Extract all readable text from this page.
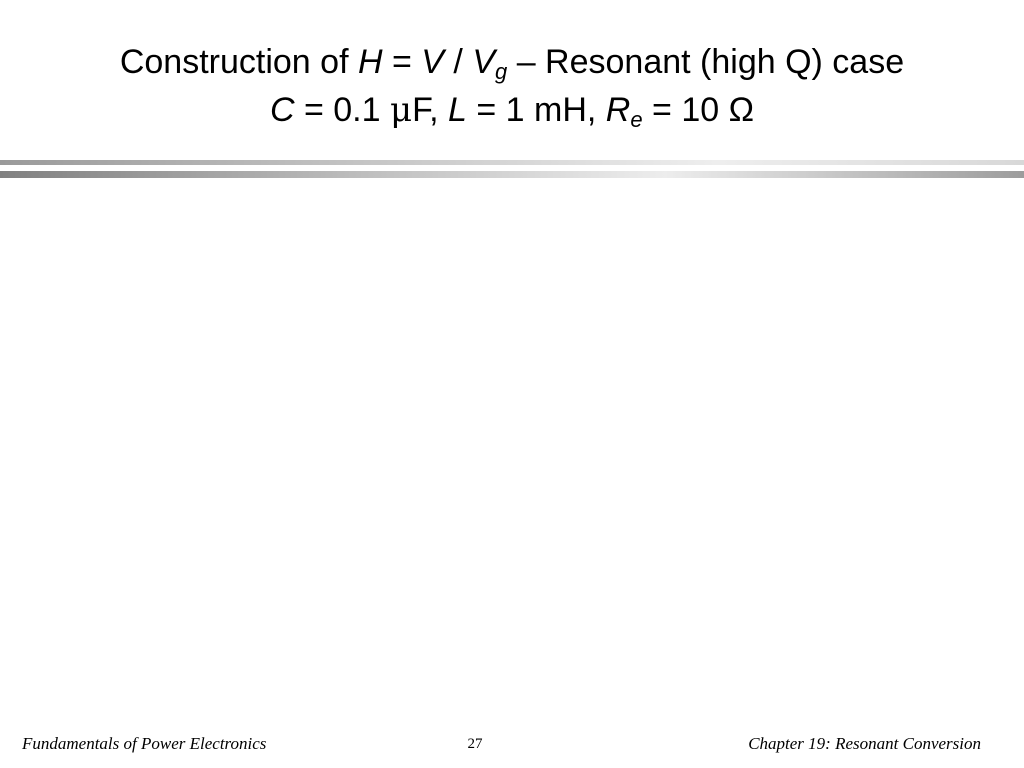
Construction of $H = V / V_g$ – Resonant (high Q) case
C = 0.1 μF, L = 1 mH, $R_e = 10$ Ω
Fundamentals of Power Electronics	27	Chapter 19: Resonant Conversion
